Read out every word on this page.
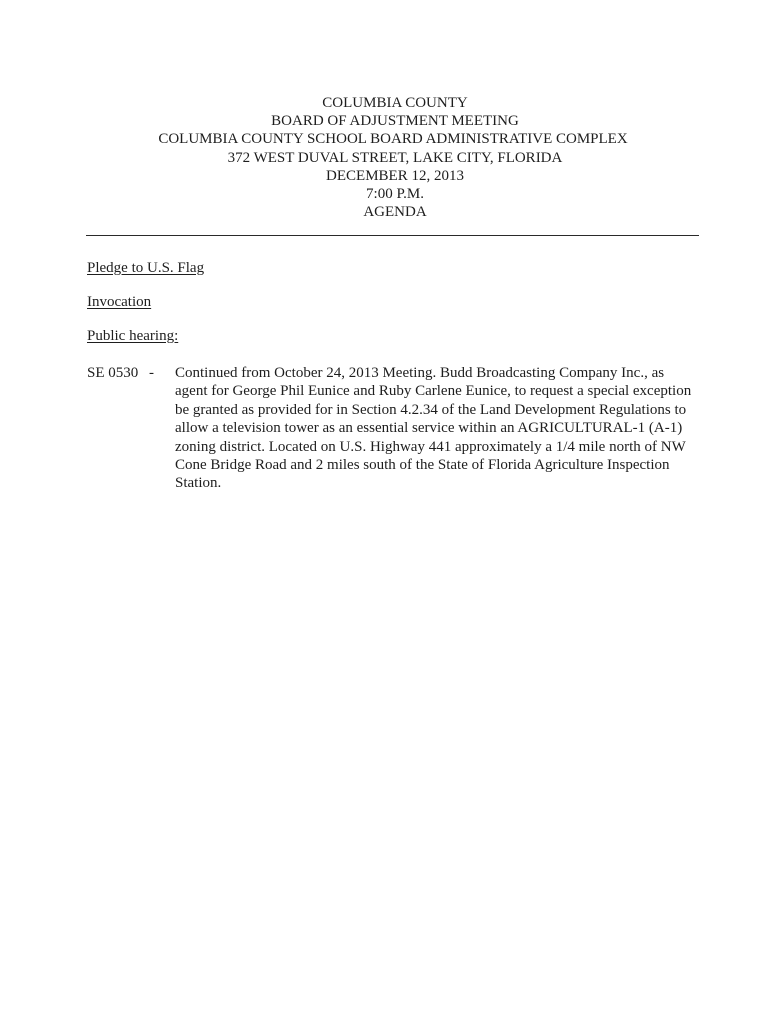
COLUMBIA COUNTY
BOARD OF ADJUSTMENT MEETING
COLUMBIA COUNTY SCHOOL BOARD ADMINISTRATIVE COMPLEX
372 WEST DUVAL STREET, LAKE CITY, FLORIDA
DECEMBER 12, 2013
7:00 P.M.
AGENDA
Pledge to U.S. Flag
Invocation
Public hearing:
SE 0530 - Continued from October 24, 2013 Meeting. Budd Broadcasting Company Inc., as
agent for George Phil Eunice and Ruby Carlene Eunice, to request a special exception
be granted as provided for in Section 4.2.34 of the Land Development Regulations to
allow a television tower as an essential service within an AGRICULTURAL-1 (A-1)
zoning district. Located on U.S. Highway 441 approximately a 1/4 mile north of NW
Cone Bridge Road and 2 miles south of the State of Florida Agriculture Inspection
Station.
